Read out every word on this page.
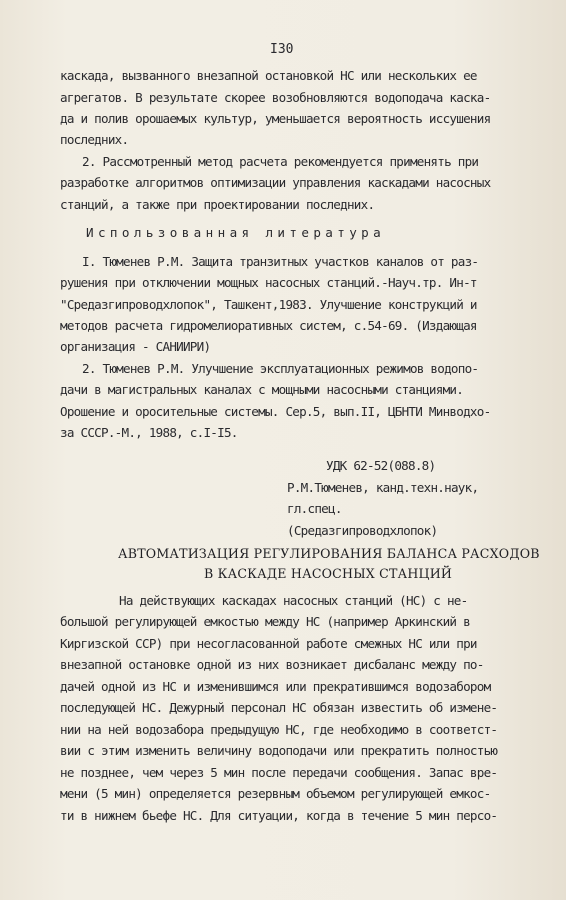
I30

каскада, вызванного внезапной остановкой НС или нескольких ее

агрегатов. В результате скорее возобновляются водоподача каска-

да и полив орошаемых культур, уменьшается вероятность иссушения

последних.

2. Рассмотренный метод расчета рекомендуется применять при

разработке алгоритмов оптимизации управления каскадами насосных

станций, а также при проектировании последних.

И с п о л ь з о в а н н а я   л и т е р а т у р а

I. Тюменев Р.М. Защита транзитных участков каналов от раз-

рушения при отключении мощных насосных станций.-Науч.тр. Ин-т

"Средазгипроводхлопок", Ташкент,1983. Улучшение конструкций и

методов расчета гидромелиоративных систем, с.54-69. (Издающая

организация - САНИИРИ)

2. Тюменев Р.М. Улучшение эксплуатационных режимов водопо-

дачи в магистральных каналах с мощными насосными станциями.

Орошение и оросительные системы. Сер.5, вып.II, ЦБНТИ Минводхо-

за СССР.-М., 1988, с.I-I5.

УДК 62-52(088.8)

Р.М.Тюменев, канд.техн.наук,

гл.спец.

(Средазгипроводхлопок)

На действующих каскадах насосных станций (НС) с не-

большой регулирующей емкостью между НС (например Аркинский в

Киргизской ССР) при несогласованной работе смежных НС или при

внезапной остановке одной из них возникает дисбаланс между по-

дачей одной из НС и изменившимся или прекратившимся водозабором

последующей НС. Дежурный персонал НС обязан известить об измене-

нии на ней водозабора предыдущую НС, где необходимо в соответст-

вии с этим изменить величину водоподачи или прекратить полностью

не позднее, чем через 5 мин после передачи сообщения. Запас вре-

мени (5 мин) определяется резервным объемом регулирующей емкос-

ти в нижнем бьефе НС. Для ситуации, когда в течение 5 мин персо-

АВТОМАТИЗАЦИЯ РЕГУЛИРОВАНИЯ БАЛАНСА РАСХОДОВ
В КАСКАДЕ НАСОСНЫХ СТАНЦИЙ
